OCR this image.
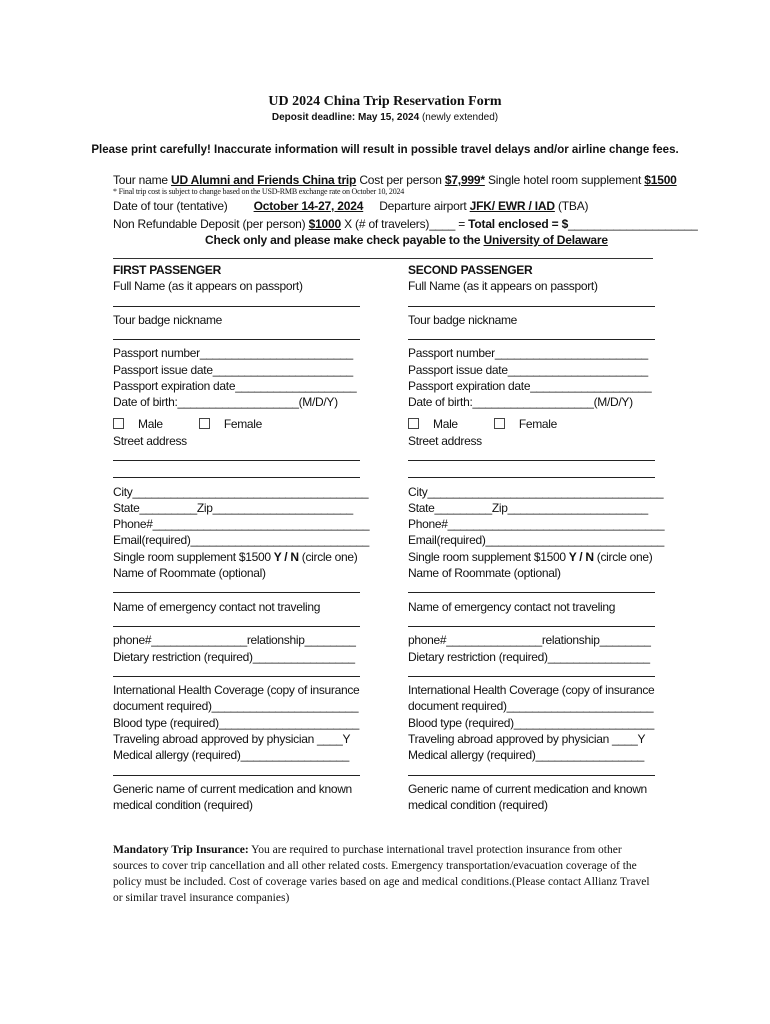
UD 2024 China Trip Reservation Form
Deposit deadline: May 15, 2024 (newly extended)
Please print carefully! Inaccurate information will result in possible travel delays and/or airline change fees.
Tour name UD Alumni and Friends China trip Cost per person $7,999* Single hotel room supplement $1500
* Final trip cost is subject to change based on the USD-RMB exchange rate on October 10, 2024
Date of tour (tentative) October 14-27, 2024 Departure airport JFK/ EWR / IAD (TBA)
Non Refundable Deposit (per person) $1000 X (# of travelers)____ = Total enclosed = $____________________
Check only and please make check payable to the University of Delaware
FIRST PASSENGER
Full Name (as it appears on passport)
Tour badge nickname
Passport number________________________
Passport issue date______________________
Passport expiration date___________________
Date of birth:___________________(M/D/Y)
Male	Female
Street address
City_____________________________________
State_________Zip______________________
Phone#__________________________________
Email(required)____________________________
Single room supplement $1500 Y / N (circle one)
Name of Roommate (optional)
Name of emergency contact not traveling
phone#_______________relationship________
Dietary restriction (required)________________
International Health Coverage (copy of insurance
document required)_______________________
Blood type (required)______________________
Traveling abroad approved by physician ____Y
Medical allergy (required)_________________
Generic name of current medication and known
medical condition (required)
SECOND PASSENGER
Full Name (as it appears on passport)
Tour badge nickname
Passport number________________________
Passport issue date______________________
Passport expiration date___________________
Date of birth:___________________(M/D/Y)
Male	Female
Street address
City_____________________________________
State_________Zip______________________
Phone#__________________________________
Email(required)____________________________
Single room supplement $1500 Y / N (circle one)
Name of Roommate (optional)
Name of emergency contact not traveling
phone#_______________relationship________
Dietary restriction (required)________________
International Health Coverage (copy of insurance
document required)_______________________
Blood type (required)______________________
Traveling abroad approved by physician ____Y
Medical allergy (required)_________________
Generic name of current medication and known
medical condition (required)
Mandatory Trip Insurance: You are required to purchase international travel protection insurance from other sources to cover trip cancellation and all other related costs. Emergency transportation/evacuation coverage of the policy must be included. Cost of coverage varies based on age and medical conditions.(Please contact Allianz Travel or similar travel insurance companies)
